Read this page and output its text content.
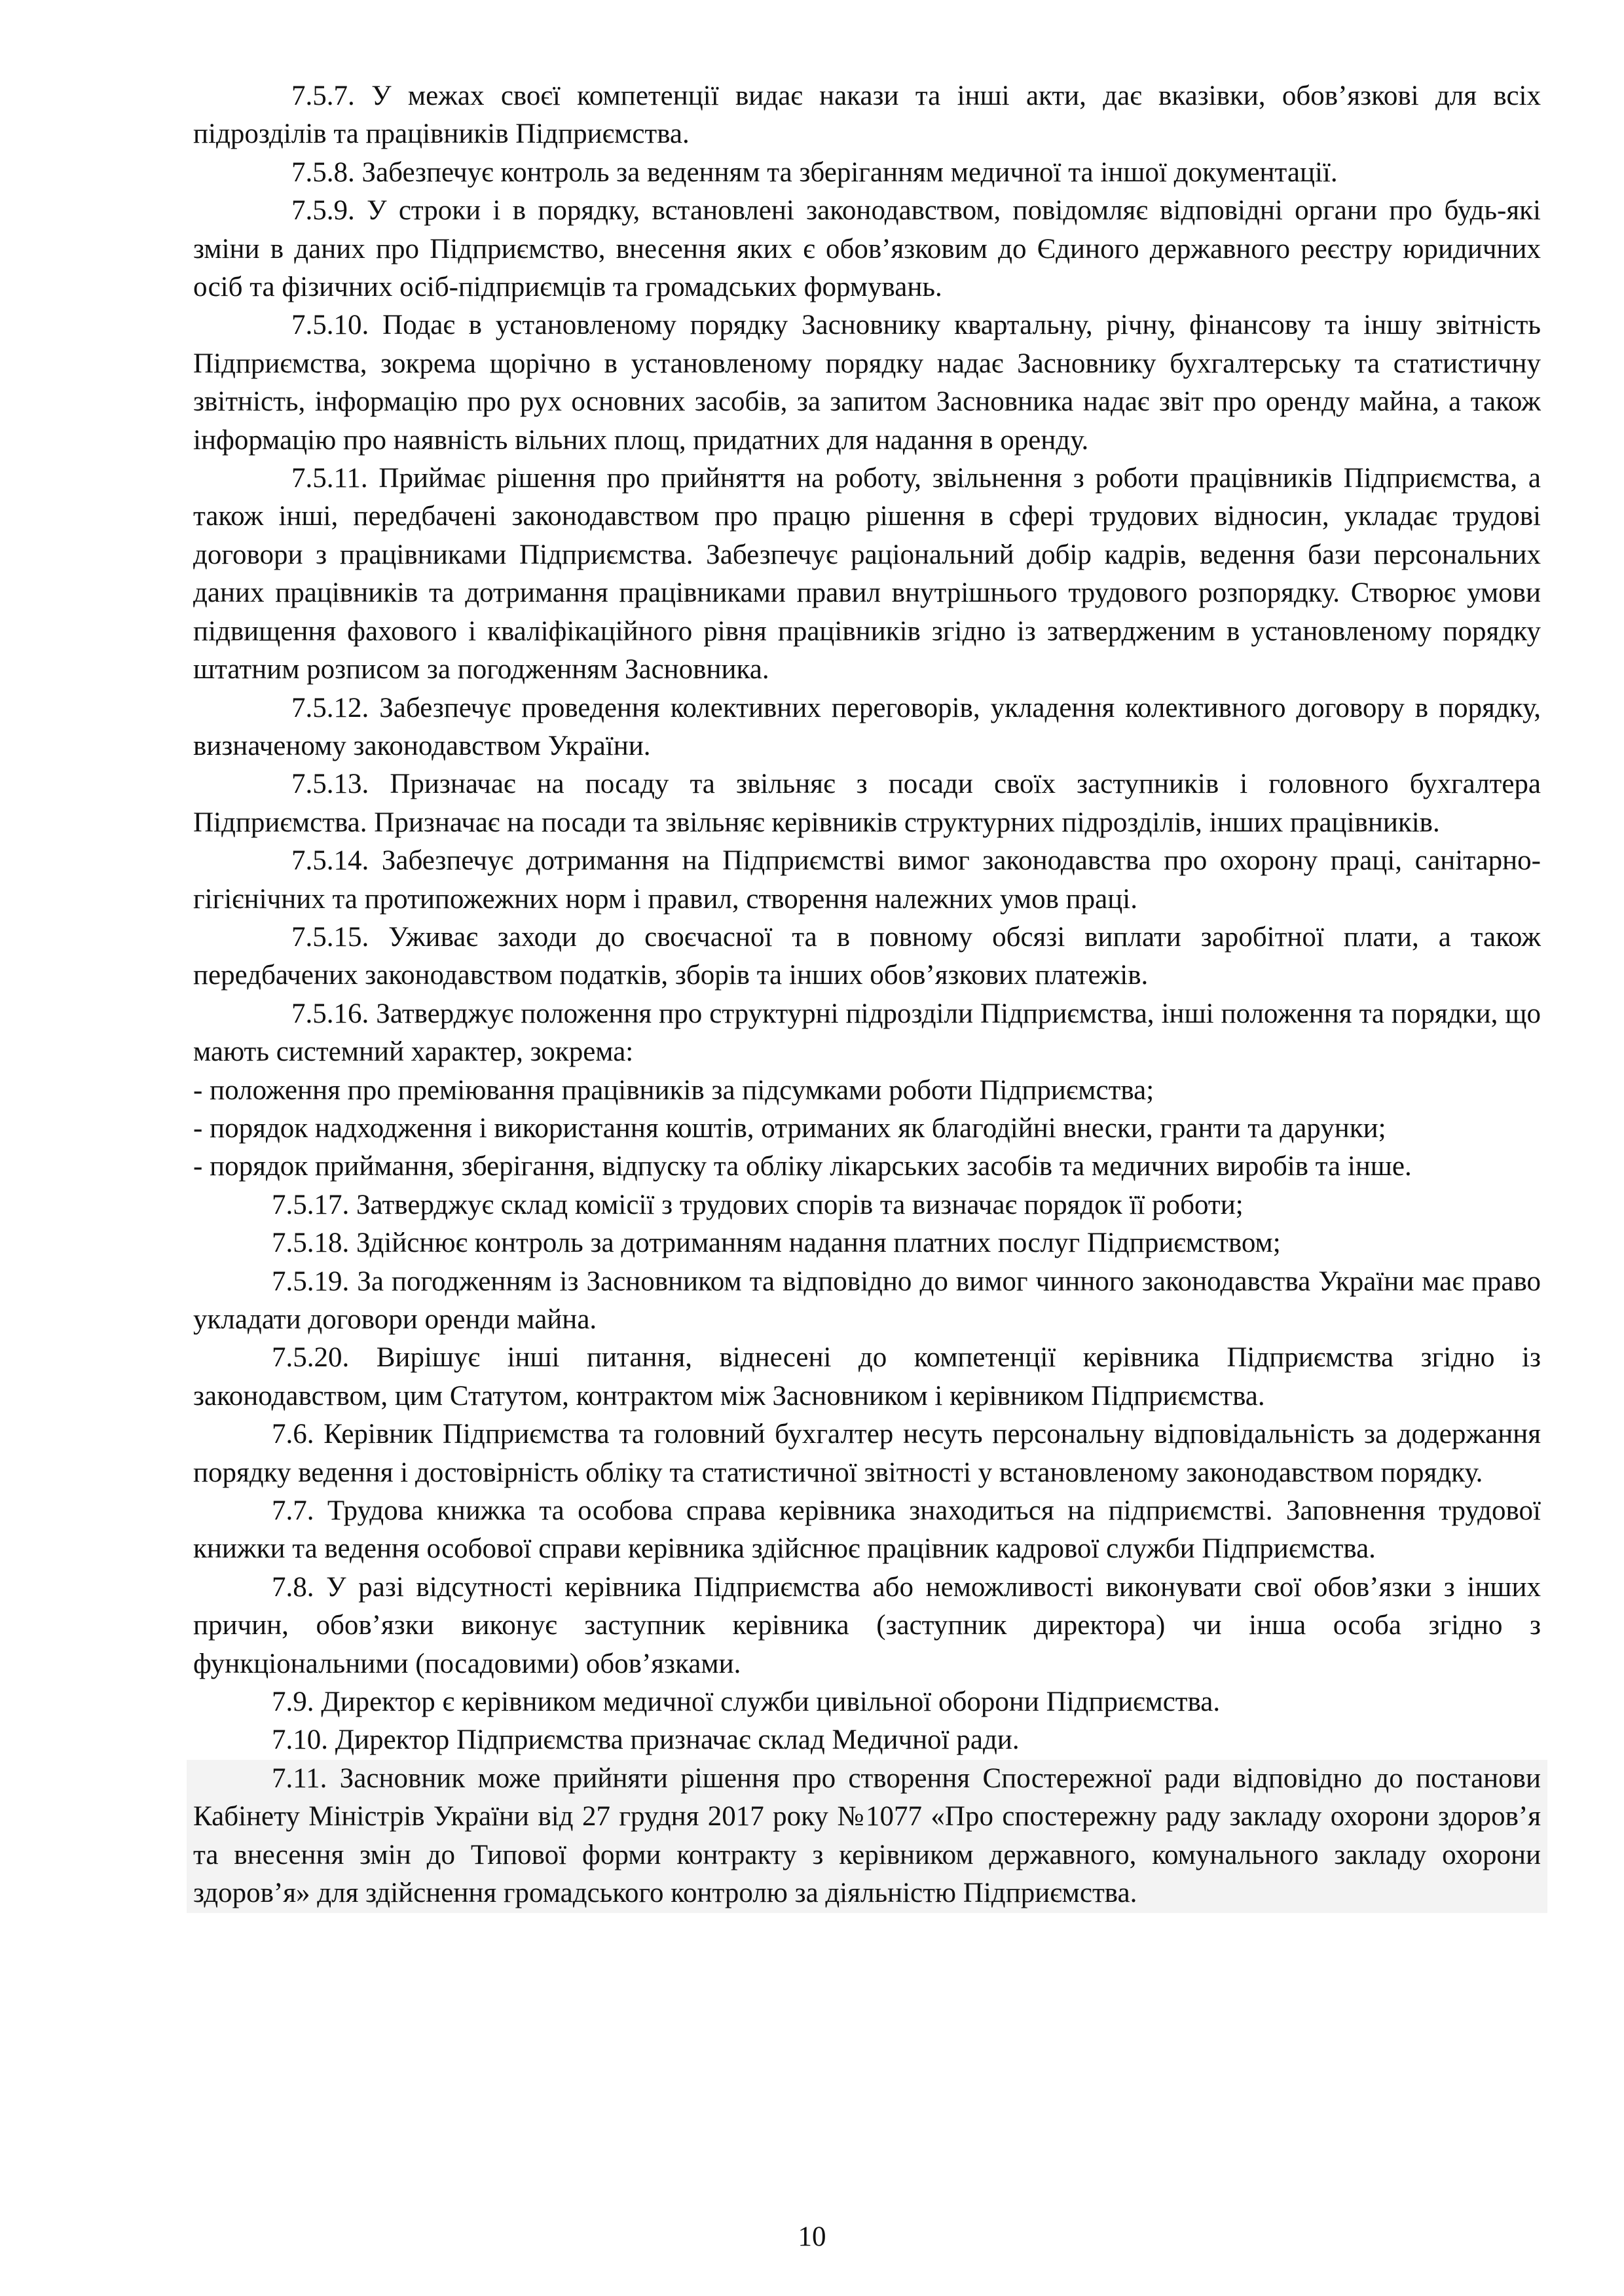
7.5.7. У межах своєї компетенції видає накази та інші акти, дає вказівки, обов’язкові для всіх підрозділів та працівників Підприємства.

7.5.8. Забезпечує контроль за веденням та зберіганням медичної та іншої документації.

7.5.9. У строки і в порядку, встановлені законодавством, повідомляє відповідні органи про будь-які зміни в даних про Підприємство, внесення яких є обов’язковим до Єдиного державного реєстру юридичних осіб та фізичних осіб-підприємців та громадських формувань.

7.5.10. Подає в установленому порядку Засновнику квартальну, річну, фінансову та іншу звітність Підприємства, зокрема щорічно в установленому порядку надає Засновнику бухгалтерську та статистичну звітність, інформацію про рух основних засобів, за запитом Засновника надає звіт про оренду майна, а також інформацію про наявність вільних площ, придатних для надання в оренду.

7.5.11. Приймає рішення про прийняття на роботу, звільнення з роботи працівників Підприємства, а також інші, передбачені законодавством про працю рішення в сфері трудових відносин, укладає трудові договори з працівниками Підприємства. Забезпечує раціональний добір кадрів, ведення бази персональних даних працівників та дотримання працівниками правил внутрішнього трудового розпорядку. Створює умови підвищення фахового і кваліфікаційного рівня працівників згідно із затвердженим в установленому порядку штатним розписом за погодженням Засновника.

7.5.12. Забезпечує проведення колективних переговорів, укладення колективного договору в порядку, визначеному законодавством України.

7.5.13. Призначає на посаду та звільняє з посади своїх заступників і головного бухгалтера Підприємства. Призначає на посади та звільняє керівників структурних підрозділів, інших працівників.

7.5.14. Забезпечує дотримання на Підприємстві вимог законодавства про охорону праці, санітарно-гігієнічних та протипожежних норм і правил, створення належних умов праці.

7.5.15. Уживає заходи до своєчасної та в повному обсязі виплати заробітної плати, а також передбачених законодавством податків, зборів та інших обов’язкових платежів.

7.5.16. Затверджує положення про структурні підрозділи Підприємства, інші положення та порядки, що мають системний характер, зокрема:

- положення про преміювання працівників за підсумками роботи Підприємства;

- порядок надходження і використання коштів, отриманих як благодійні внески, гранти та дарунки;

- порядок приймання, зберігання, відпуску та обліку лікарських засобів та медичних виробів та інше.

7.5.17. Затверджує склад комісії з трудових спорів та визначає порядок її роботи;

7.5.18. Здійснює контроль за дотриманням надання платних послуг Підприємством;

7.5.19. За погодженням із Засновником та відповідно до вимог чинного законодавства України має право укладати договори оренди майна.

7.5.20. Вирішує інші питання, віднесені до компетенції керівника Підприємства згідно із законодавством, цим Статутом, контрактом між Засновником і керівником Підприємства.

7.6. Керівник Підприємства та головний бухгалтер несуть персональну відповідальність за додержання порядку ведення і достовірність обліку та статистичної звітності у встановленому законодавством порядку.

7.7. Трудова книжка та особова справа керівника знаходиться на підприємстві. Заповнення трудової книжки та ведення особової справи керівника здійснює працівник кадрової служби Підприємства.

7.8. У разі відсутності керівника Підприємства або неможливості виконувати свої обов’язки з інших причин, обов’язки виконує заступник керівника (заступник директора) чи інша особа згідно з функціональними (посадовими) обов’язками.

7.9. Директор є керівником медичної служби цивільної оборони Підприємства.

7.10. Директор Підприємства призначає склад Медичної ради.

7.11. Засновник може прийняти рішення про створення Спостережної ради відповідно до постанови Кабінету Міністрів України від 27 грудня 2017 року №1077 «Про спостережну раду закладу охорони здоров’я та внесення змін до Типової форми контракту з керівником державного, комунального закладу охорони здоров’я» для здійснення громадського контролю за діяльністю Підприємства.

10
